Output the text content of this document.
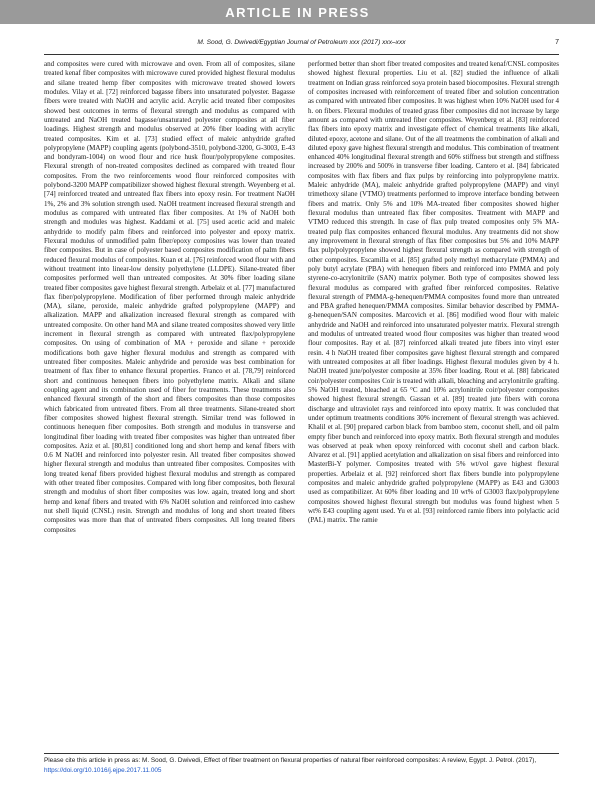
ARTICLE IN PRESS
M. Sood, G. Dwivedi/Egyptian Journal of Petroleum xxx (2017) xxx–xxx	7

and composites were cured with microwave and oven. From all of composites, silane treated kenaf fiber composites with microwave cured provided highest flexural modulus and silane treated hemp fiber composites with microwave treated showed lowers modules. Vilay et al. [72] reinforced bagasse fibers into unsaturated polyester. Bagasse fibers were treated with NaOH and acrylic acid. Acrylic acid treated fiber composites showed best outcomes in terms of flexural strength and modulus as compared with untreated and NaOH treated bagasse/unsaturated polyester composites at all fiber loadings. Highest strength and modulus observed at 20% fiber loading with acrylic treated composites. Kim et al. [73] studied effect of maleic anhydride grafted polypropylene (MAPP) coupling agents (polybond-3510, polybond-3200, G-3003, E-43 and bondyram-1004) on wood flour and rice husk flour/polypropylene composites. Flexural strength of non-treated composites declined as compared with treated flour composites. From the two reinforcements wood flour reinforced composites with polybond-3200 MAPP compatibilizer showed highest flexural strength. Weyenberg et al. [74] reinforced treated and untreated flax fibers into epoxy resin. For treatment NaOH 1%, 2% and 3% solution strength used. NaOH treatment increased flexural strength and modulus as compared with untreated flax fiber composites. At 1% of NaOH both strength and modules was highest. Kaddami et al. [75] used acetic acid and maleic anhydride to modify palm fibers and reinforced into polyester and epoxy matrix. Flexural modulus of unmodified palm fiber/epoxy composites was lower than treated fiber composites. But in case of polyester based composites modification of palm fibers reduced flexural modulus of composites. Kuan et al. [76] reinforced wood flour with and without treatment into linear-low density polyethylene (LLDPE). Silane-treated fiber composites performed well than untreated composites. At 30% fiber loading silane treated fiber composites gave highest flexural strength. Arbelaiz et al. [77] manufactured flax fiber/polypropylene. Modification of fiber performed through maleic anhydride (MA), silane, peroxide, maleic anhydride grafted polypropylene (MAPP) and alkalization. MAPP and alkalization increased flexural strength as compared with untreated composite. On other hand MA and silane treated composites showed very little increment in flexural strength as compared with untreated flax/polypropylene composites. On using of combination of MA + peroxide and silane + peroxide modifications both gave higher flexural modulus and strength as compared with untreated fiber composites. Maleic anhydride and peroxide was best combination for treatment of flax fiber to enhance flexural properties. Franco et al. [78,79] reinforced short and continuous henequen fibers into polyethylene matrix. Alkali and silane coupling agent and its combination used of fiber for treatments. These treatments also enhanced flexural strength of the short and fibers composites than those composites which fabricated from untreated fibers. From all three treatments. Silane-treated short fiber composites showed highest flexural strength. Similar trend was followed in continuous henequen fiber composites. Both strength and modulus in transverse and longitudinal fiber loading with treated fiber composites was higher than untreated fiber composites. Aziz et al. [80,81] conditioned long and short hemp and kenaf fibers with 0.6 M NaOH and reinforced into polyester resin. All treated fiber composites showed higher flexural strength and modulus than untreated fiber composites. Composites with long treated kenaf fibers provided highest flexural modulus and strength as compared with other treated fiber composites. Compared with long fiber composites, both flexural strength and modulus of short fiber composites was low. again, treated long and short hemp and kenaf fibers and treated with 6% NaOH solution and reinforced into cashew nut shell liquid (CNSL) resin. Strength and modulus of long and short treated fibers composites was more than that of untreated fibers composites. All long treated fibers composites

performed better than short fiber treated composites and treated kenaf/CNSL composites showed highest flexural properties. Liu et al. [82] studied the influence of alkali treatment on Indian grass reinforced soya protein based biocomposites. Flexural strength of composites increased with reinforcement of treated fiber and solution concentration as compared with untreated fiber composites. It was highest when 10% NaOH used for 4 h. on fibers. Flexural modules of treated grass fiber composites did not increase by large amount as compared with untreated fiber composites. Weyenberg et al. [83] reinforced flax fibers into epoxy matrix and investigate effect of chemical treatments like alkali, diluted epoxy, acetone and silane. Out of the all treatments the combination of alkali and diluted epoxy gave highest flexural strength and modulus. This combination of treatment enhanced 40% longitudinal flexural strength and 60% stiffness but strength and stiffness increased by 200% and 500% in transverse fiber loading. Cantero et al. [84] fabricated composites with flax fibers and flax pulps by reinforcing into polypropylene matrix. Maleic anhydride (MA), maleic anhydride grafted polypropylene (MAPP) and vinyl trimethoxy silane (VTMO) treatments performed to improve interface bonding between fibers and matrix. Only 5% and 10% MA-treated fiber composites showed higher flexural modulus than untreated flax fiber composites. Treatment with MAPP and VTMO reduced this strength. In case of flax pulp treated composites only 5% MA-treated pulp flax composites enhanced flexural modulus. Any treatments did not show any improvement in flexural strength of flax fiber composites but 5% and 10% MAPP flax pulp/polypropylene showed highest flexural strength as compared with strength of other composites. Escamilla et al. [85] grafted poly methyl methacrylate (PMMA) and poly butyl acrylate (PBA) with henequen fibers and reinforced into PMMA and poly styrene-co-acrylonitrile (SAN) matrix polymer. Both type of composites showed less flexural modulus as compared with grafted fiber reinforced composites. Relative flexural strength of PMMA-g-henequen/PMMA composites found more than untreated and PBA grafted henequen/PMMA composites. Similar behavior described by PMMA-g-henequen/SAN composites. Marcovich et al. [86] modified wood flour with maleic anhydride and NaOH and reinforced into unsaturated polyester matrix. Flexural strength and modulus of untreated treated wood flour composites was higher than treated wood flour composites. Ray et al. [87] reinforced alkali treated jute fibers into vinyl ester resin. 4 h NaOH treated fiber composites gave highest flexural strength and compared with untreated composites at all fiber loadings. Highest flexural modules given by 4 h. NaOH treated jute/polyester composite at 35% fiber loading. Rout et al. [88] fabricated coir/polyester composites Coir is treated with alkali, bleaching and acrylonitrile grafting. 5% NaOH treated, bleached at 65 °C and 10% acrylonitrile coir/polyester composites showed highest flexural strength. Gassan et al. [89] treated jute fibers with corona discharge and ultraviolet rays and reinforced into epoxy matrix. It was concluded that under optimum treatments conditions 30% increment of flexural strength was achieved. Khalil et al. [90] prepared carbon black from bamboo stem, coconut shell, and oil palm empty fiber bunch and reinforced into epoxy matrix. Both flexural strength and modules was observed at peak when epoxy reinforced with coconut shell and carbon black. Alvarez et al. [91] applied acetylation and alkalization on sisal fibers and reinforced into MasterBi-Y polymer. Composites treated with 5% wt/vol gave highest flexural properties. Arbelaiz et al. [92] reinforced short flax fibers bundle into polypropylene composites and maleic anhydride grafted polypropylene (MAPP) as E43 and G3003 used as compatibilizer. At 60% fiber loading and 10 wt% of G3003 flax/polypropylene composites showed highest flexural strength but modulus was found highest when 5 wt% E43 coupling agent used. Yu et al. [93] reinforced ramie fibers into polylactic acid (PAL) matrix. The ramie

Please cite this article in press as: M. Sood, G. Dwivedi, Effect of fiber treatment on flexural properties of natural fiber reinforced composites: A review, Egypt. J. Petrol. (2017), https://doi.org/10.1016/j.ejpe.2017.11.005
